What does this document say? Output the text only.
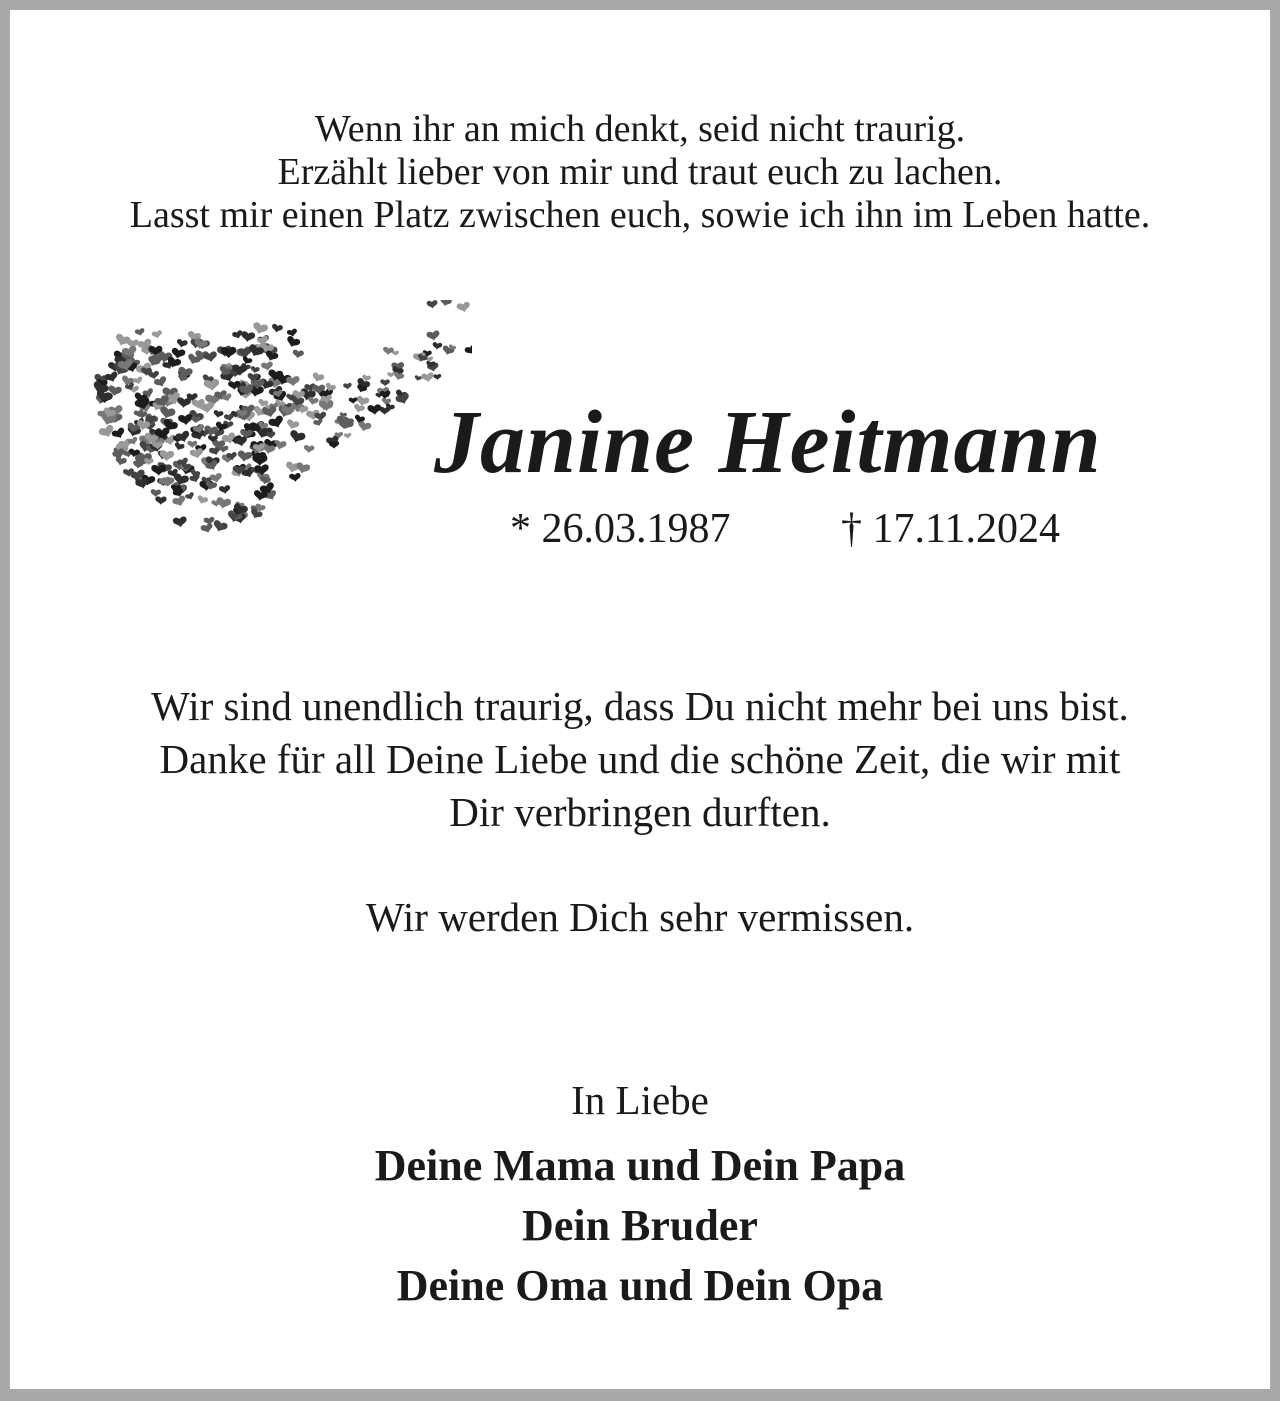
Wenn ihr an mich denkt, seid nicht traurig.
Erzählt lieber von mir und traut euch zu lachen.
Lasst mir einen Platz zwischen euch, sowie ich ihn im Leben hatte.
Janine Heitmann
* 26.03.1987	† 17.11.2024
Wir sind unendlich traurig, dass Du nicht mehr bei uns bist.
Danke für all Deine Liebe und die schöne Zeit, die wir mit
Dir verbringen durften.
Wir werden Dich sehr vermissen.
In Liebe
Deine Mama und Dein Papa
Dein Bruder
Deine Oma und Dein Opa
